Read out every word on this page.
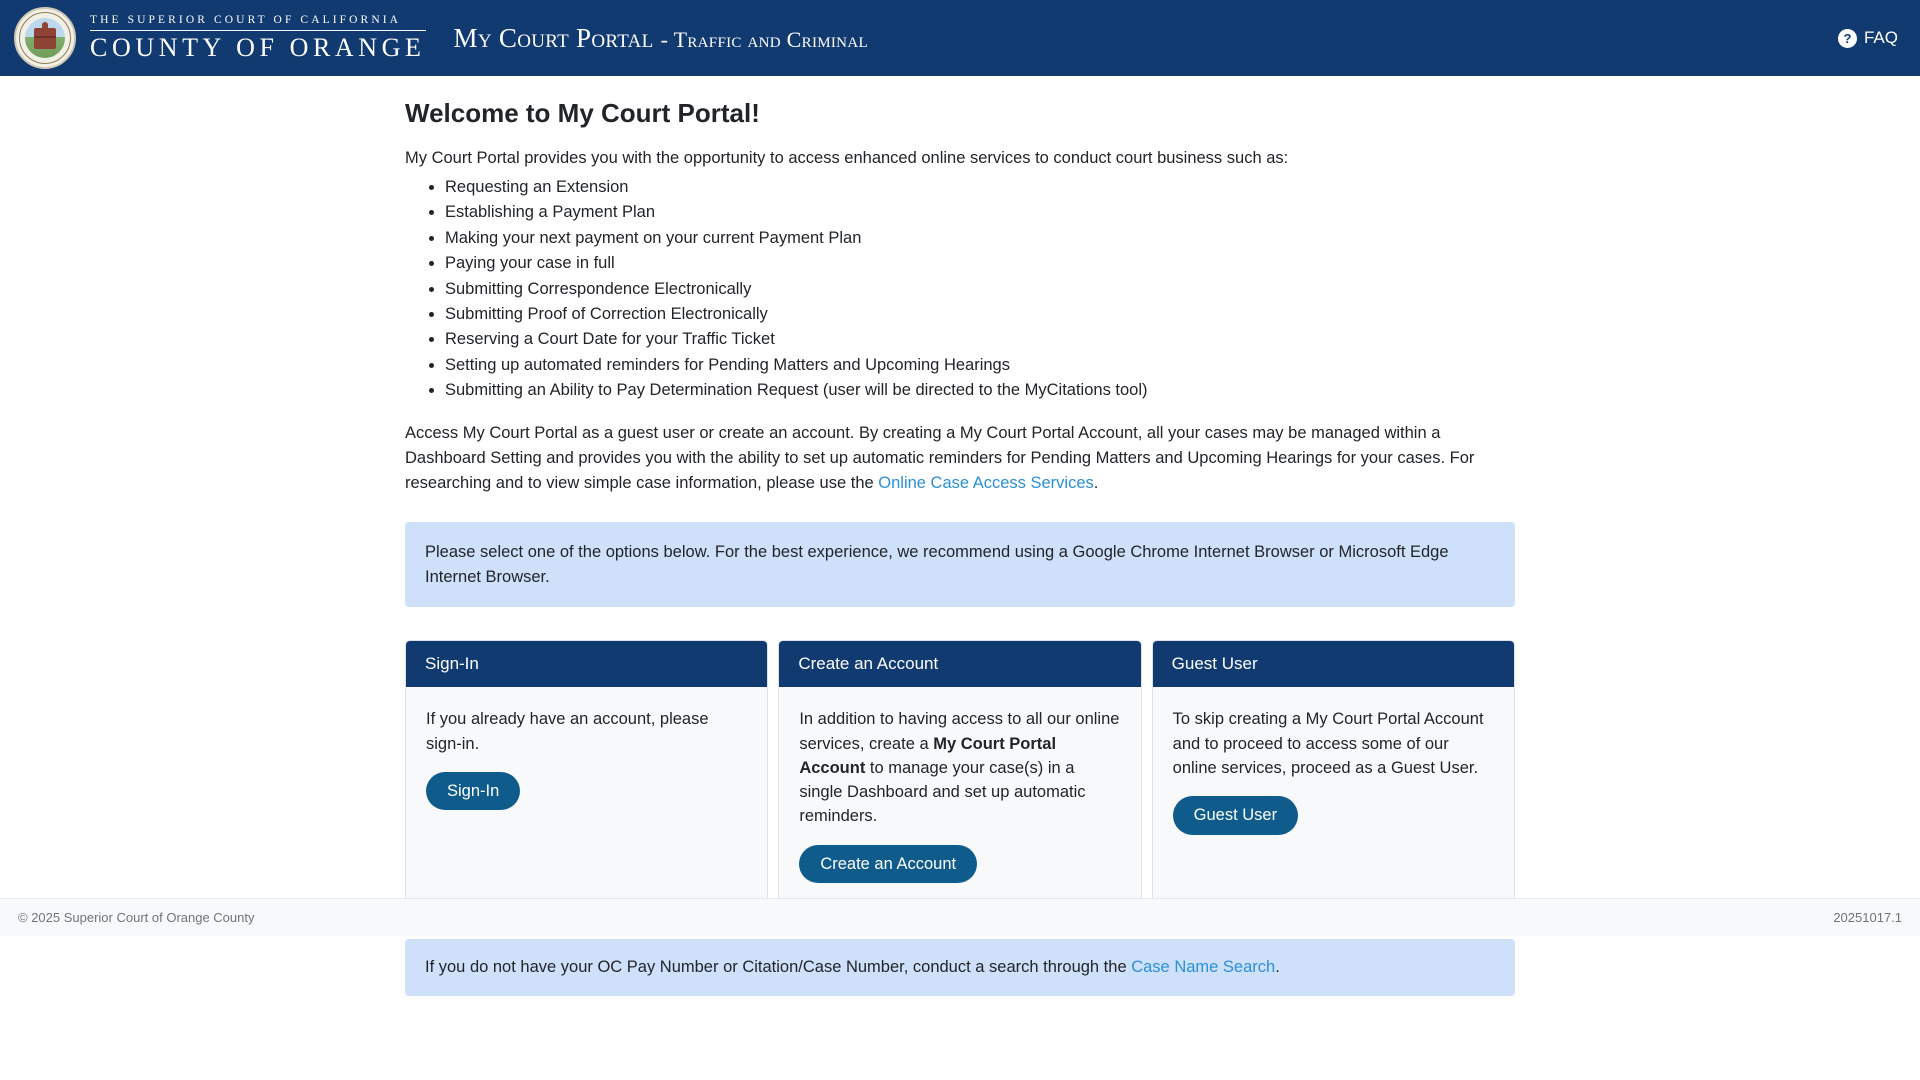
THE SUPERIOR COURT OF CALIFORNIA
COUNTY OF ORANGE My Court Portal - Traffic and Criminal	? FAQ
Welcome to My Court Portal!

My Court Portal provides you with the opportunity to access enhanced online services to conduct court business such as:

• Requesting an Extension
• Establishing a Payment Plan
• Making your next payment on your current Payment Plan
• Paying your case in full
• Submitting Correspondence Electronically
• Submitting Proof of Correction Electronically
• Reserving a Court Date for your Traffic Ticket
• Setting up automated reminders for Pending Matters and Upcoming Hearings
• Submitting an Ability to Pay Determination Request (user will be directed to the MyCitations tool)

Access My Court Portal as a guest user or create an account. By creating a My Court Portal Account, all your cases may be managed within a Dashboard Setting and provides you with the ability to set up automatic reminders for Pending Matters and Upcoming Hearings for your cases. For researching and to view simple case information, please use the Online Case Access Services.

Please select one of the options below. For the best experience, we recommend using a Google Chrome Internet Browser or Microsoft Edge Internet Browser.
Sign-In

If you already have an account, please sign-in.

Sign-In
Create an Account

In addition to having access to all our online services, create a My Court Portal Account to manage your case(s) in a single Dashboard and set up automatic reminders.

Create an Account
Guest User

To skip creating a My Court Portal Account and to proceed to access some of our online services, proceed as a Guest User.

Guest User
If you do not have your OC Pay Number or Citation/Case Number, conduct a search through the Case Name Search.
© 2025 Superior Court of Orange County	20251017.1
